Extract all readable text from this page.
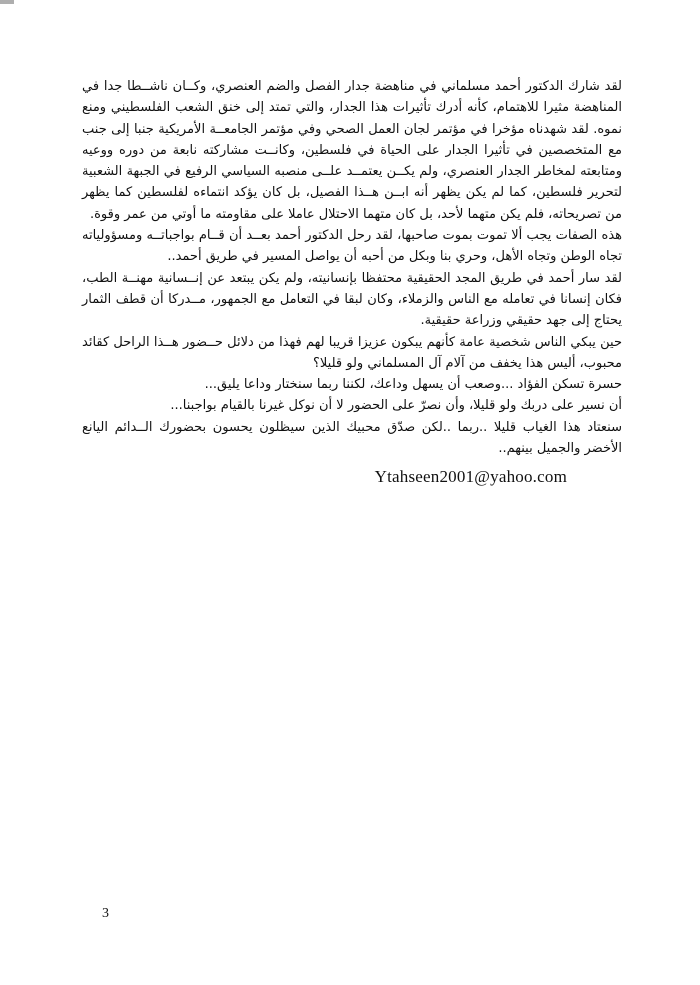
لقد شارك الدكتور أحمد مسلماني في مناهضة جدار الفصل والضم العنصري، وكــان ناشــطا جدا في المناهضة مثيرا للاهتمام، كأنه أدرك تأثيرات هذا الجدار، والتي تمتد إلى خنق الشعب الفلسطيني ومنع نموه. لقد شهدناه مؤخرا في مؤتمر لجان العمل الصحي وفي مؤتمر الجامعــة الأمريكية جنبا إلى جنب مع المتخصصين في تأثيرا الجدار على الحياة في فلسطين، وكانــت مشاركته نابعة من دوره ووعيه ومتابعته لمخاطر الجدار العنصري، ولم يكــن يعتمــد علــى منصبه السياسي الرفيع في الجبهة الشعبية لتحرير فلسطين، كما لم يكن يظهر أنه ابــن هــذا الفصيل، بل كان يؤكد انتماءه لفلسطين كما يظهر من تصريحاته، فلم يكن متهما لأحد، بل كان متهما الاحتلال عاملا على مقاومته ما أوتي من عمر وقوة.

هذه الصفات يجب ألا تموت بموت صاحبها، لقد رحل الدكتور أحمد بعــد أن قــام بواجباتــه ومسؤولياته تجاه الوطن وتجاه الأهل، وحري بنا وبكل من أحبه أن يواصل المسير في طريق أحمد..

لقد سار أحمد في طريق المجد الحقيقية محتفظا بإنسانيته، ولم يكن يبتعد عن إنــسانية مهنــة الطب، فكان إنسانا في تعامله مع الناس والزملاء، وكان لبقا في التعامل مع الجمهور، مــدركا أن قطف الثمار يحتاج إلى جهد حقيقي وزراعة حقيقية.

حين يبكي الناس شخصية عامة كأنهم يبكون عزيزا قريبا لهم فهذا من دلائل حــضور هــذا الراحل كقائد محبوب، أليس هذا يخفف من آلام آل المسلماني ولو قليلا؟

حسرة تسكن الفؤاد ...وصعب أن يسهل وداعك، لكننا ربما سنختار وداعا يليق...

أن نسير على دربك ولو قليلا، وأن نصرّ على الحضور لا أن نوكل غيرنا بالقيام بواجبنا...

سنعتاد هذا الغياب قليلا ..ربما ..لكن صدّق محبيك الذين سيظلون يحسون بحضورك الــدائم اليانع الأخضر والجميل بينهم..

Ytahseen2001@yahoo.com
3
